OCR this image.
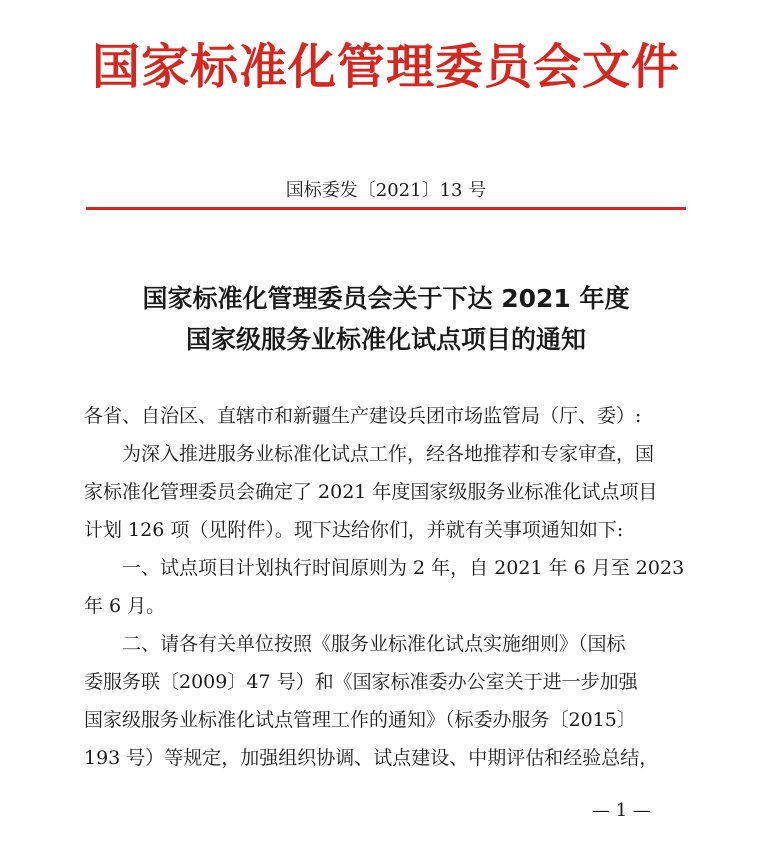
国家标准化管理委员会文件
国标委发〔2021〕13 号
国家标准化管理委员会关于下达 2021 年度
国家级服务业标准化试点项目的通知
各省、自治区、直辖市和新疆生产建设兵团市场监管局（厅、委）:
为深入推进服务业标准化试点工作，经各地推荐和专家审查，国
家标准化管理委员会确定了 2021 年度国家级服务业标准化试点项目
计划 126 项（见附件）。现下达给你们，并就有关事项通知如下:
一、试点项目计划执行时间原则为 2 年，自 2021 年 6 月至 2023
年 6 月。
二、请各有关单位按照《服务业标准化试点实施细则》（国标
委服务联〔2009〕47 号）和《国家标准委办公室关于进一步加强
国家级服务业标准化试点管理工作的通知》（标委办服务〔2015〕
193 号）等规定，加强组织协调、试点建设、中期评估和经验总结，
— 1 —
